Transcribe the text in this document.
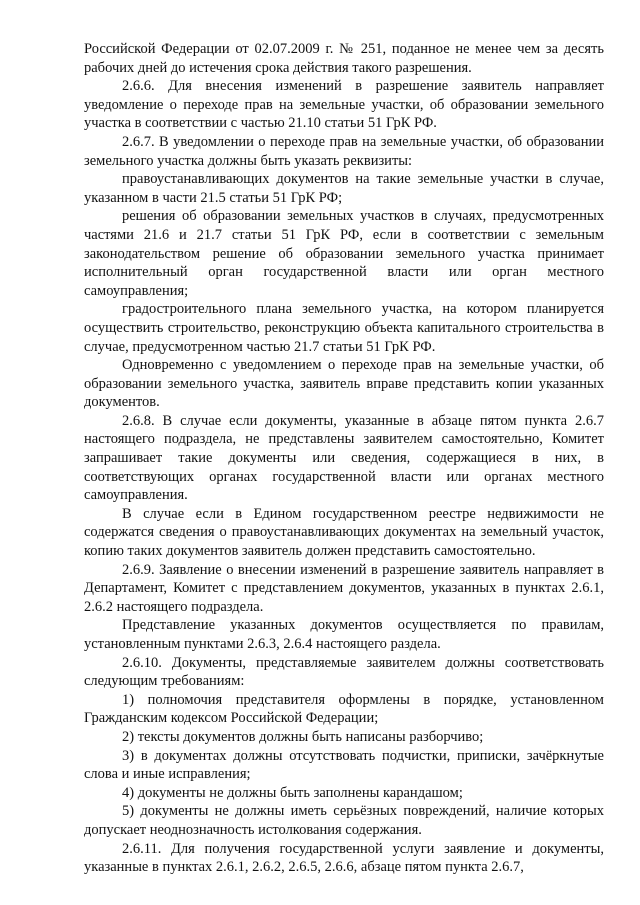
Российской Федерации от 02.07.2009 г. № 251, поданное не менее чем за десять рабочих дней до истечения срока действия такого разрешения.

2.6.6. Для внесения изменений в разрешение заявитель направляет уведомление о переходе прав на земельные участки, об образовании земельного участка в соответствии с частью 21.10 статьи 51 ГрК РФ.

2.6.7. В уведомлении о переходе прав на земельные участки, об образовании земельного участка должны быть указать реквизиты:

правоустанавливающих документов на такие земельные участки в случае, указанном в части 21.5 статьи 51 ГрК РФ;

решения об образовании земельных участков в случаях, предусмотренных частями 21.6 и 21.7 статьи 51 ГрК РФ, если в соответствии с земельным законодательством решение об образовании земельного участка принимает исполнительный орган государственной власти или орган местного самоуправления;

градостроительного плана земельного участка, на котором планируется осуществить строительство, реконструкцию объекта капитального строительства в случае, предусмотренном частью 21.7 статьи 51 ГрК РФ.

Одновременно с уведомлением о переходе прав на земельные участки, об образовании земельного участка, заявитель вправе представить копии указанных документов.

2.6.8. В случае если документы, указанные в абзаце пятом пункта 2.6.7 настоящего подраздела, не представлены заявителем самостоятельно, Комитет запрашивает такие документы или сведения, содержащиеся в них, в соответствующих органах государственной власти или органах местного самоуправления.

В случае если в Едином государственном реестре недвижимости не содержатся сведения о правоустанавливающих документах на земельный участок, копию таких документов заявитель должен представить самостоятельно.

2.6.9. Заявление о внесении изменений в разрешение заявитель направляет в Департамент, Комитет с представлением документов, указанных в пунктах 2.6.1, 2.6.2 настоящего подраздела.

Представление указанных документов осуществляется по правилам, установленным пунктами 2.6.3, 2.6.4 настоящего раздела.

2.6.10. Документы, представляемые заявителем должны соответствовать следующим требованиям:

1) полномочия представителя оформлены в порядке, установленном Гражданским кодексом Российской Федерации;

2) тексты документов должны быть написаны разборчиво;

3) в документах должны отсутствовать подчистки, приписки, зачёркнутые слова и иные исправления;

4) документы не должны быть заполнены карандашом;

5) документы не должны иметь серьёзных повреждений, наличие которых допускает неоднозначность истолкования содержания.

2.6.11. Для получения государственной услуги заявление и документы, указанные в пунктах 2.6.1, 2.6.2, 2.6.5, 2.6.6, абзаце пятом пункта 2.6.7,
